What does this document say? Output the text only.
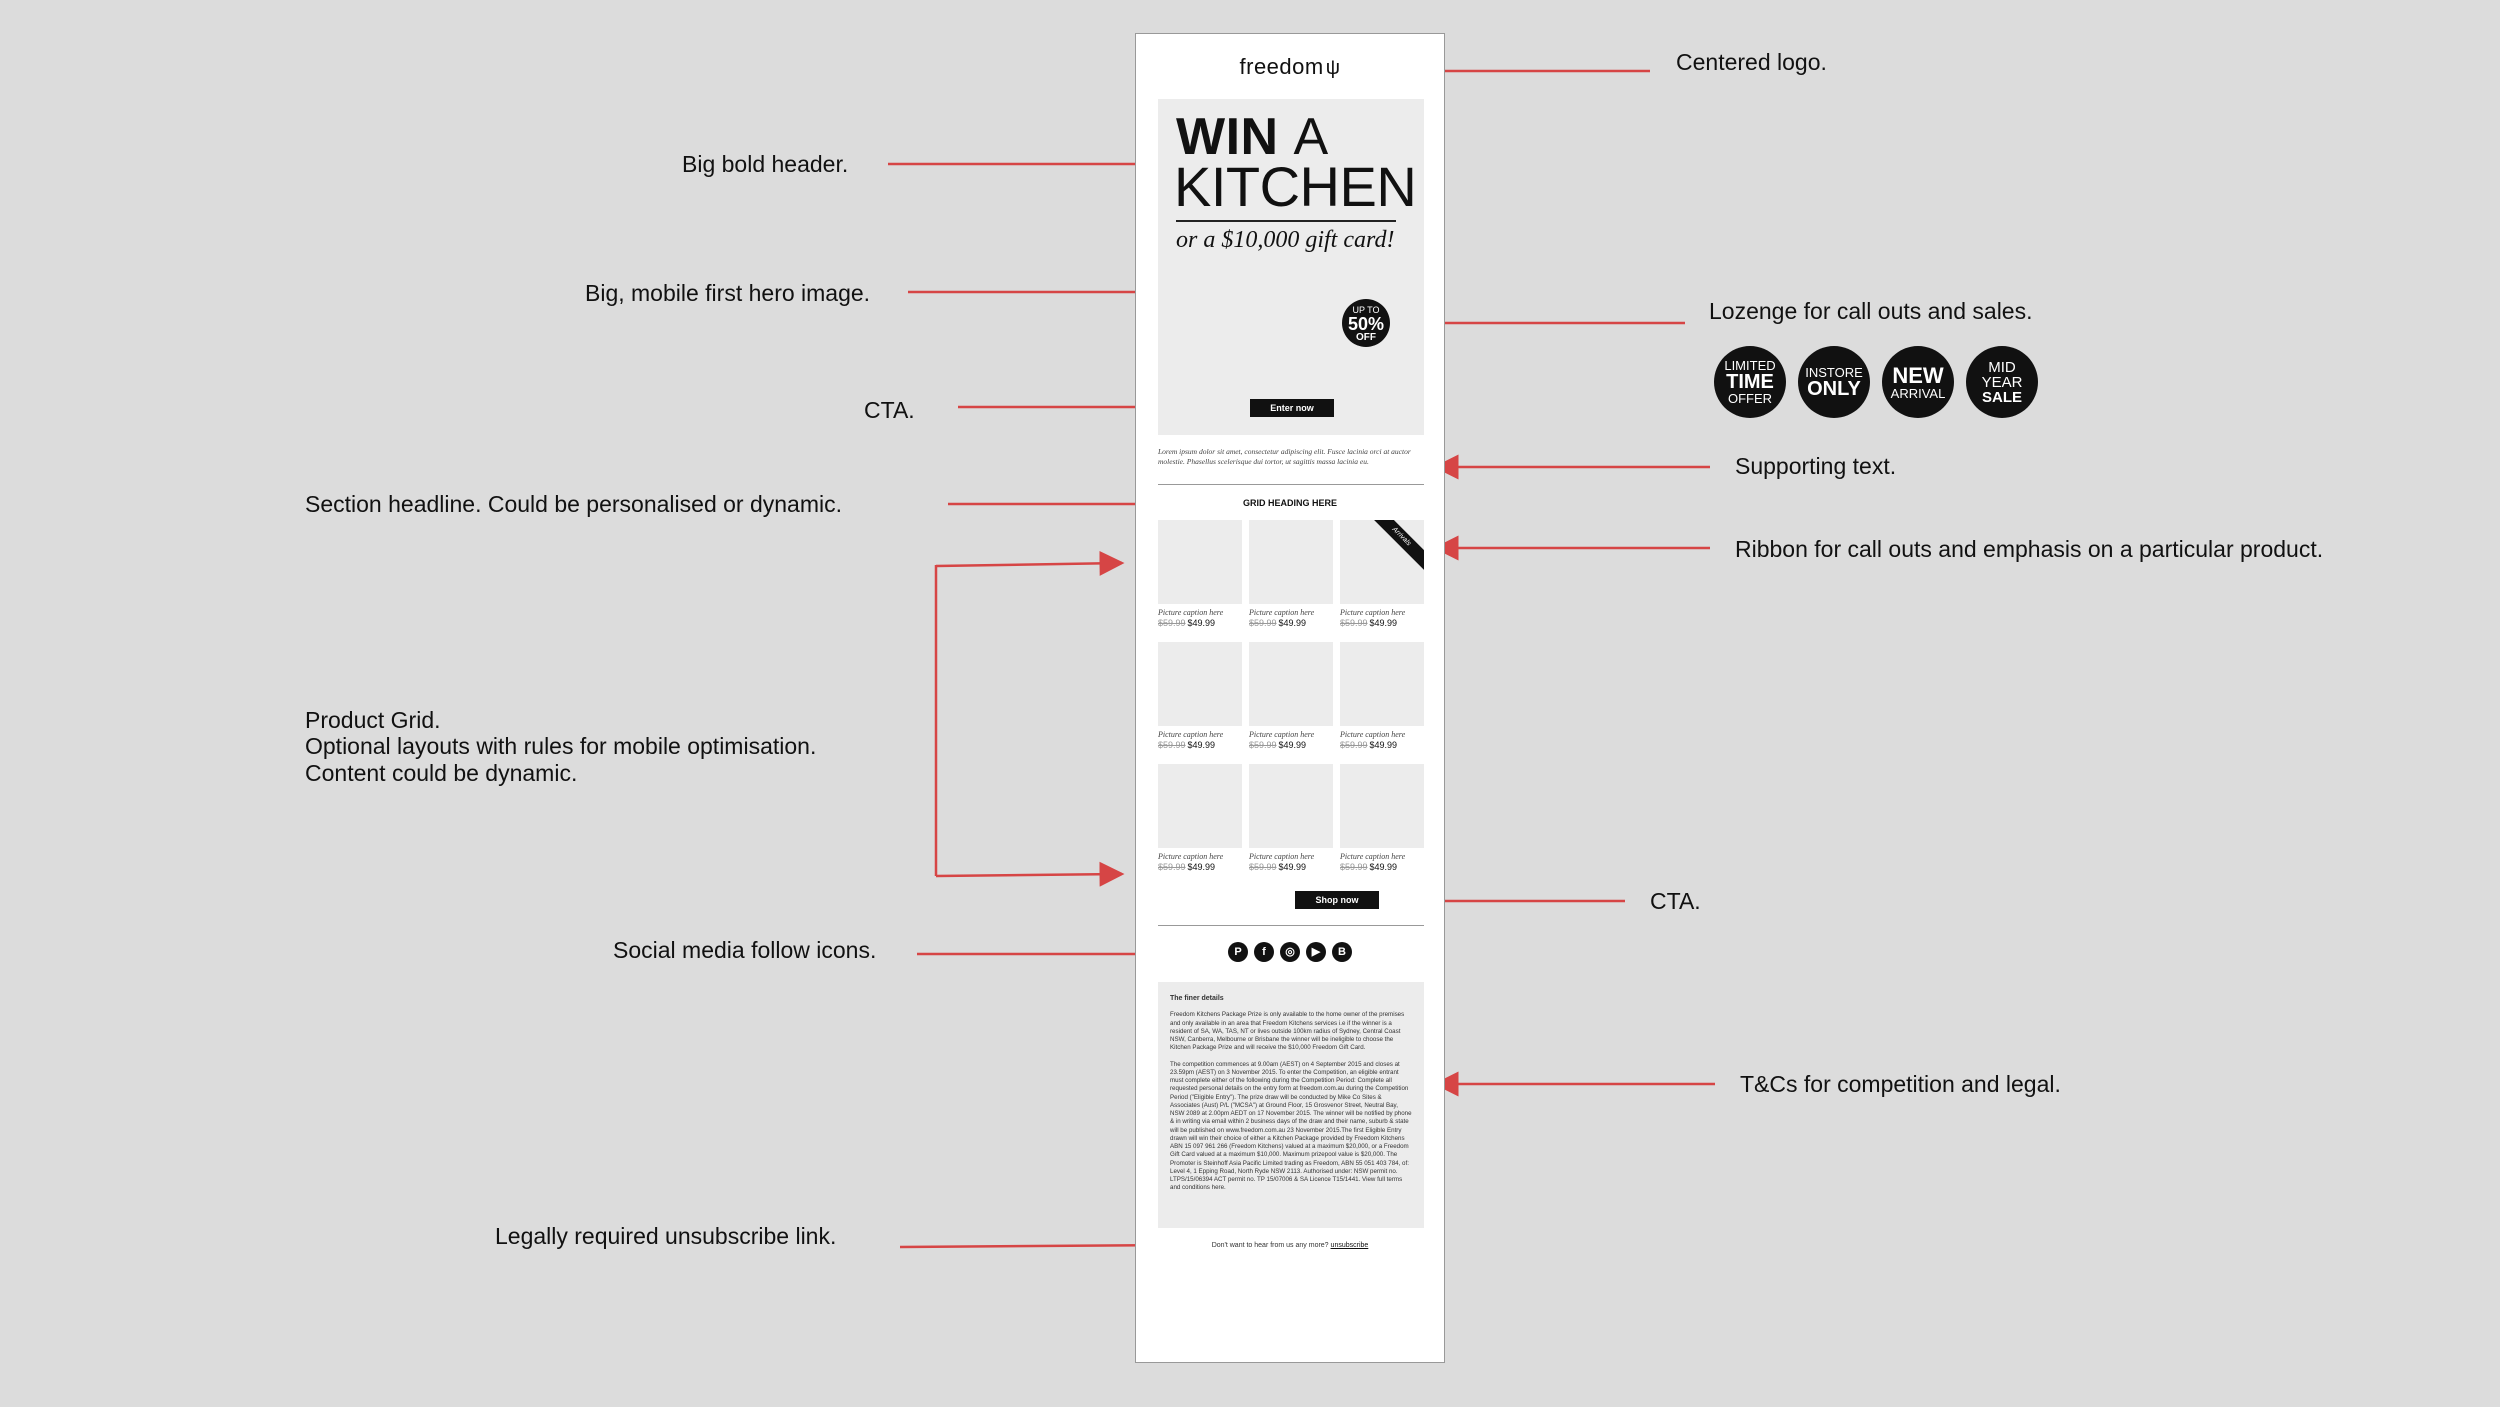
Centered logo.
Big bold header.
Big, mobile first hero image.
Lozenge for call outs and sales.
CTA.
Supporting text.
Section headline. Could be personalised or dynamic.
Ribbon for call outs and emphasis on a particular product.
Product Grid.
Optional layouts with rules for mobile optimisation.
Content could be dynamic.
CTA.
Social media follow icons.
T&Cs for competition and legal.
Legally required unsubscribe link.
LIMITED
TIME
OFFER
INSTORE
ONLY
NEW
ARRIVAL
MID
YEAR
SALE
freedom ψ
WIN A
KITCHEN
or a $10,000 gift card!
UP TO
50%
OFF
Enter now
Lorem ipsum dolor sit amet, consectetur adipiscing elit. Fusce lacinia orci at auctor molestie. Phasellus scelerisque dui tortor, ut sagittis massa lacinia eu.
GRID HEADING HERE
Picture caption here
$59.99 $49.99
Picture caption here
$59.99 $49.99
Arrivals
Picture caption here
$59.99 $49.99
Picture caption here
$59.99 $49.99
Picture caption here
$59.99 $49.99
Picture caption here
$59.99 $49.99
Picture caption here
$59.99 $49.99
Picture caption here
$59.99 $49.99
Picture caption here
$59.99 $49.99
Shop now
P f ◎ ▶ B
The finer details

Freedom Kitchens Package Prize is only available to the home owner of the premises and only available in an area that Freedom Kitchens services i.e if the winner is a resident of SA, WA, TAS, NT or lives outside 100km radius of Sydney, Central Coast NSW, Canberra, Melbourne or Brisbane the winner will be ineligible to choose the Kitchen Package Prize and will receive the $10,000 Freedom Gift Card.

The competition commences at 9.00am (AEST) on 4 September 2015 and closes at 23.59pm (AEST) on 3 November 2015. To enter the Competition, an eligible entrant must complete either of the following during the Competition Period: Complete all requested personal details on the entry form at freedom.com.au during the Competition Period ("Eligible Entry"). The prize draw will be conducted by Mike Co Sites & Associates (Aust) P/L ("MCSA") at Ground Floor, 15 Grosvenor Street, Neutral Bay, NSW 2089 at 2.00pm AEDT on 17 November 2015. The winner will be notified by phone & in writing via email within 2 business days of the draw and their name, suburb & state will be published on www.freedom.com.au 23 November 2015.The first Eligible Entry drawn will win their choice of either a Kitchen Package provided by Freedom Kitchens ABN 15 097 961 266 (Freedom Kitchens) valued at a maximum $20,000, or a Freedom Gift Card valued at a maximum $10,000. Maximum prizepool value is $20,000. The Promoter is Steinhoff Asia Pacific Limited trading as Freedom, ABN 55 051 403 784, of: Level 4, 1 Epping Road, North Ryde NSW 2113. Authorised under: NSW permit no. LTPS/15/06394 ACT permit no. TP 15/07006 & SA Licence T15/1441. View full terms and conditions here.

Don't want to hear from us any more? unsubscribe
